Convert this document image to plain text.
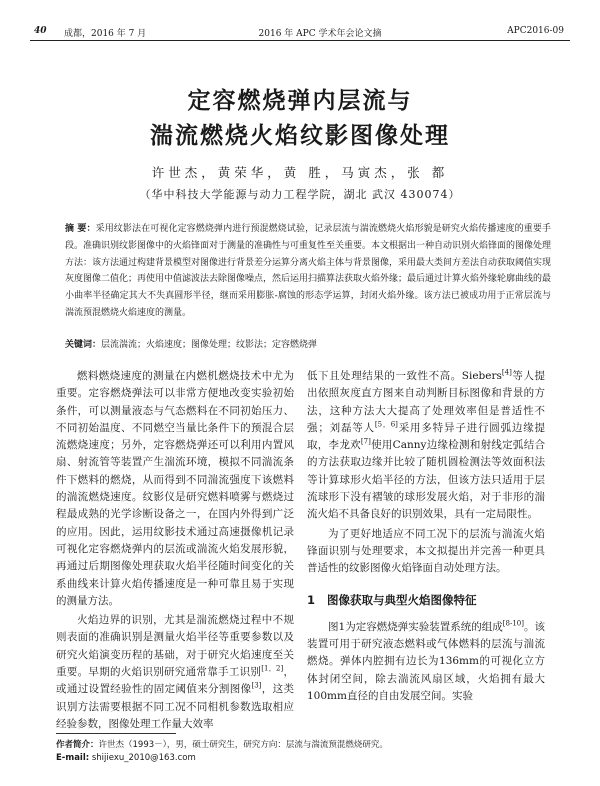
40 成都，2016 年 7 月	2016 年 APC 学术年会论文摘	APC2016-09
定容燃烧弹内层流与
湍流燃烧火焰纹影图像处理
许世杰，黄荣华，黄 胜，马寅杰，张 都
（华中科技大学能源与动力工程学院，湖北 武汉 430074）

摘 要：采用纹影法在可视化定容燃烧弹内进行预混燃烧试验，记录层流与湍流燃烧火焰形貌是研究火焰传播速度的重要手段。准确识别纹影图像中的火焰锋面对于测量的准确性与可重复性至关重要。本文根据出一种自动识别火焰锋面的图像处理方法：该方法通过构建背景模型对图像进行背景差分运算分离火焰主体与背景图像，采用最大类间方差法自动获取阈值实现灰度图像二值化；再使用中值滤波法去除图像噪点，然后运用扫描算法获取火焰外缘；最后通过计算火焰外缘轮廓曲线的最小曲率半径确定其大不失真圆形半径，继而采用膨胀-腐蚀的形态学运算，封闭火焰外缘。该方法已被成功用于正常层流与湍流预混燃烧火焰速度的测量。

关键词：层流湍流；火焰速度；图像处理；纹影法；定容燃烧弹

燃料燃烧速度的测量在内燃机燃烧技术中尤为重要。定容燃烧弹法可以非常方便地改变实验初始条件，可以测量液态与气态燃料在不同初始压力、不同初始温度、不同燃空当量比条件下的预混合层流燃烧速度；另外，定容燃烧弹还可以利用内置风扇、射流管等装置产生湍流环境，模拟不同湍流条件下燃料的燃烧，从而得到不同湍流强度下该燃料的湍流燃烧速度。纹影仪是研究燃料喷雾与燃烧过程最成熟的光学诊断设备之一，在国内外得到广泛的应用。因此，运用纹影技术通过高速摄像机记录可视化定容燃烧弹内的层流或湍流火焰发展形貌，再通过后期图像处理获取火焰半径随时间变化的关系曲线来计算火焰传播速度是一种可靠且易于实现的测量方法。

火焰边界的识别，尤其是湍流燃烧过程中不规则表面的准确识别是测量火焰半径等重要参数以及研究火焰演变历程的基础，对于研究火焰速度至关重要。早期的火焰识别研究通常靠手工识别[1，2]，或通过设置经验性的固定阈值来分割图像[3]，这类识别方法需要根据不同工况不同相机参数选取相应经验参数，图像处理工作量大效率

低下且处理结果的一致性不高。Siebers[4]等人提出依照灰度直方图来自动判断目标图像和背景的方法，这种方法大大提高了处理效率但是普适性不强；刘磊等人[5，6]采用多特异子进行圆弧边缘提取，李龙欢[7]使用Canny边缘检测和射线定弧结合的方法获取边缘并比较了随机圆检测法等效面积法等计算球形火焰半径的方法，但该方法只适用于层流球形下没有褶皱的球形发展火焰，对于非形的湍流火焰不具备良好的识别效果，具有一定局限性。

为了更好地适应不同工况下的层流与湍流火焰锋面识别与处理要求，本文拟提出并完善一种更具普适性的纹影图像火焰锋面自动处理方法。

1 图像获取与典型火焰图像特征

图1为定容燃烧弹实验装置系统的组成[8-10]。该装置可用于研究液态燃料或气体燃料的层流与湍流燃烧。弹体内腔拥有边长为136mm的可视化立方体封闭空间，除去湍流风扇区域，火焰拥有最大100mm直径的自由发展空间。实验

作者简介：许世杰（1993－），男，硕士研究生，研究方向：层流与湍流预混燃烧研究。
E-mail: shijiexu_2010@163.com
